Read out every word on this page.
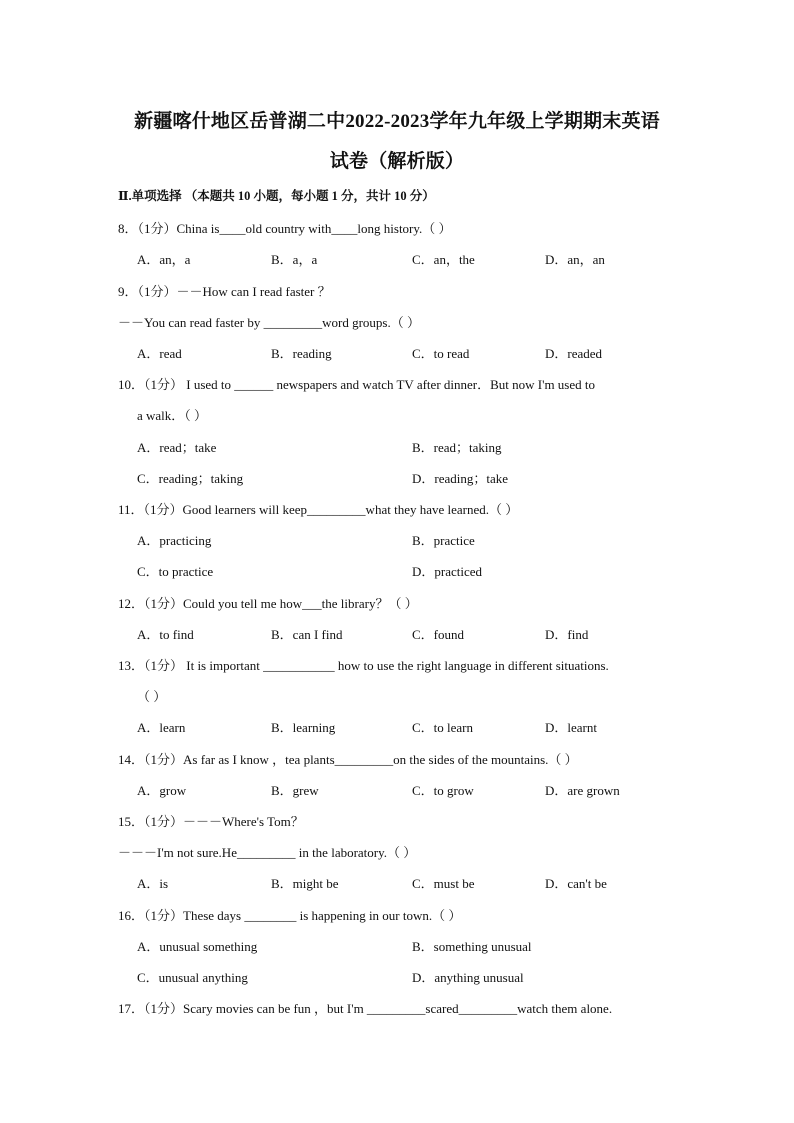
新疆喀什地区岳普湖二中2022-2023学年九年级上学期期末英语
试卷（解析版）
Ⅱ.单项选择 （本题共 10 小题，每小题 1 分，共计 10 分）
8．（1分）China is____old country with____long history.（ ）
A．an，a	B．a，a	C．an，the	D．an，an
9．（1分）－－How can I read faster ？
－－You can read faster by _________word groups.（ ）
A．read	B．reading	C．to read	D．readed
10．（1分） I used to ______ newspapers and watch TV after dinner．But now I'm used to
a walk．（ ）
A．read；take	B．read；taking
C．reading；taking	D．reading；take
11．（1分）Good learners will keep_________what they have learned.（ ）
A．practicing	B．practice
C．to practice	D．practiced
12．（1分）Could you tell me how___the library？（ ）
A．to find	B．can I find	C．found	D．find
13．（1分） It is important ___________ how to use the right language in different situations.
（ ）
A．learn	B．learning	C．to learn	D．learnt
14．（1分）As far as I know ，tea plants_________on the sides of the mountains.（ ）
A．grow	B．grew	C．to grow	D．are grown
15．（1分）－－－Where's Tom？
－－－I'm not sure.He_________ in the laboratory.（ ）
A．is	B．might be	C．must be	D．can't be
16．（1分）These days ________ is happening in our town.（ ）
A．unusual something	B．something unusual
C．unusual anything	D．anything unusual
17．（1分）Scary movies can be fun ，but I'm _________scared_________watch them alone.
